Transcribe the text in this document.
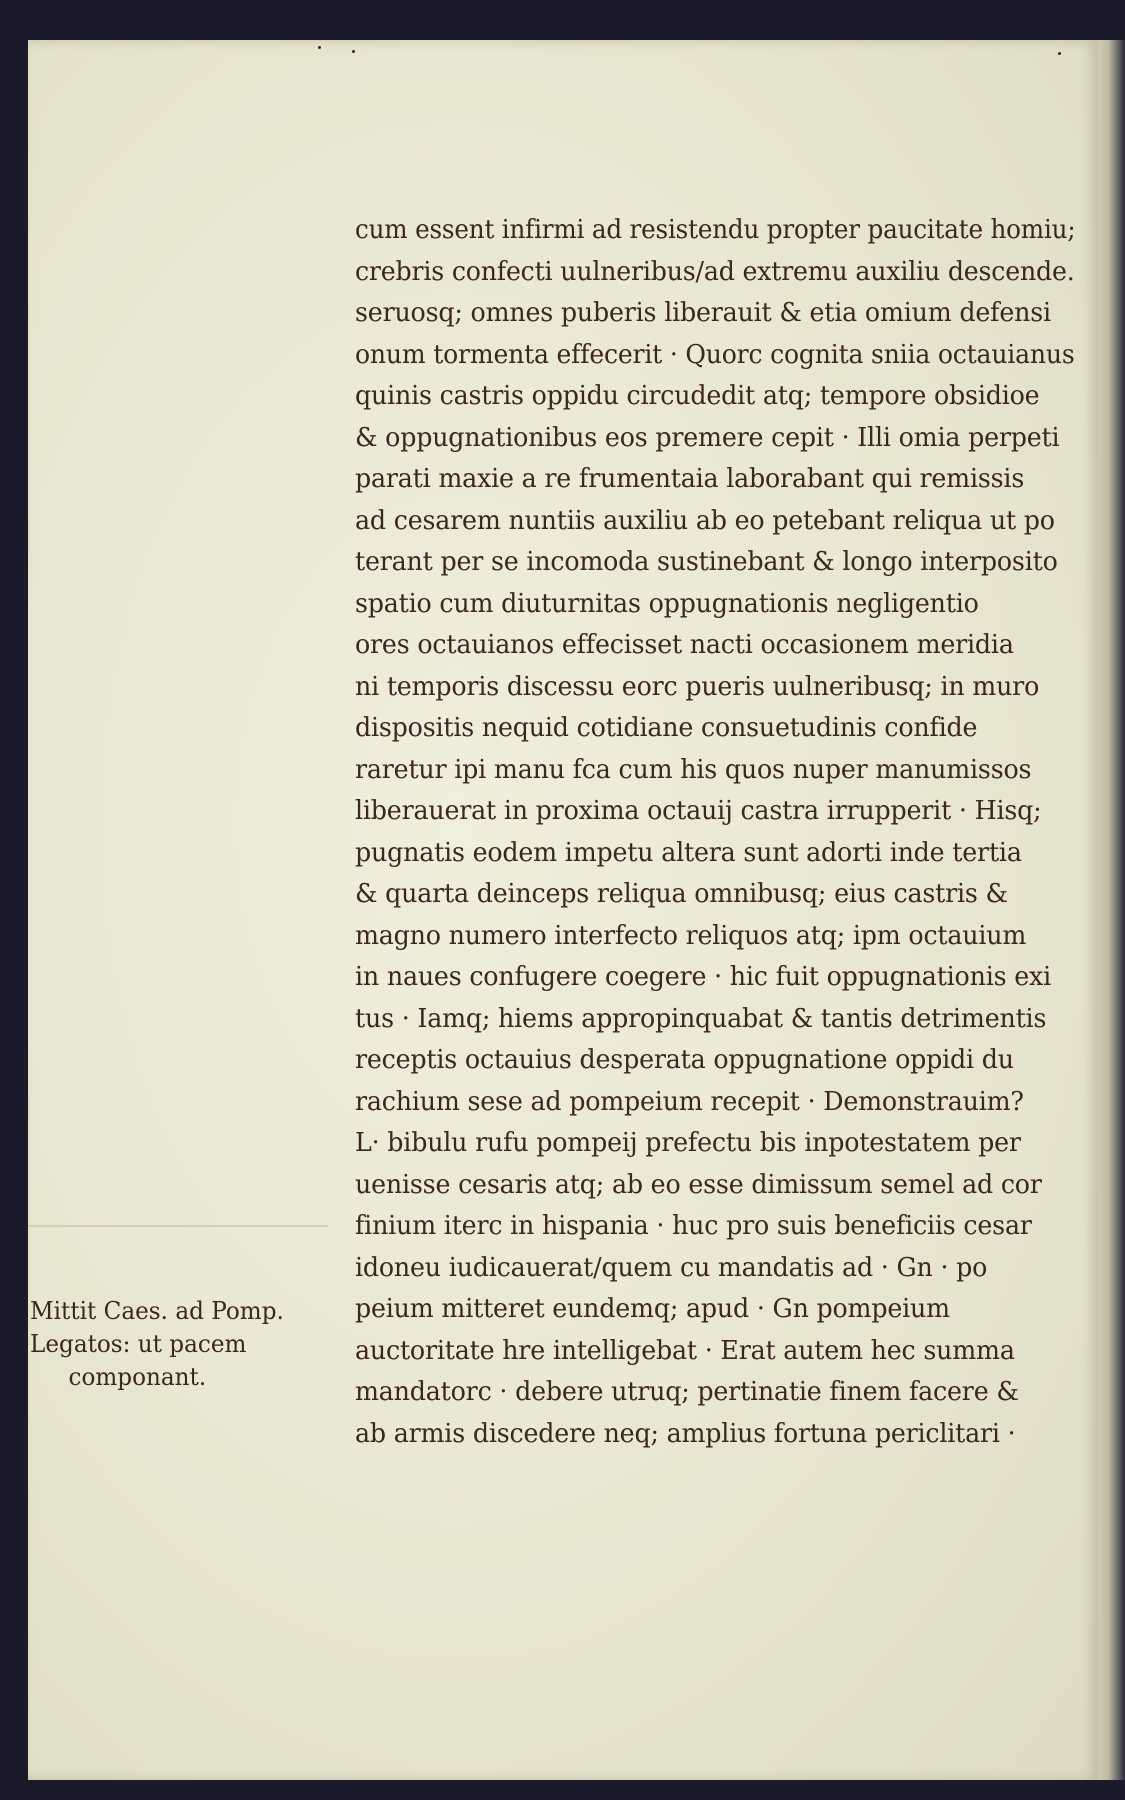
cum essent infirmi ad resistendu propter paucitate homiu;
crebris confecti uulneribus/ad extremu auxiliu descende.
seruosq; omnes puberis liberauit & etia omium defensi
onum tormenta effecerit · Quorc cognita sniia octauianus
quinis castris oppidu circudedit atq; tempore obsidioe
& oppugnationibus eos premere cepit · Illi omia perpeti
parati maxie a re frumentaia laborabant qui remissis
ad cesarem nuntiis auxiliu ab eo petebant reliqua ut po
terant per se incomoda sustinebant & longo interposito
spatio cum diuturnitas oppugnationis negligentio
ores octauianos effecisset nacti occasionem meridia
ni temporis discessu eorc pueris uulneribusq; in muro
dispositis nequid cotidiane consuetudinis confide
raretur ipi manu fca cum his quos nuper manumissos
liberauerat in proxima octauij castra irrupperit · Hisq;
pugnatis eodem impetu altera sunt adorti inde tertia
& quarta deinceps reliqua omnibusq; eius castris &
magno numero interfecto reliquos atq; ipm octauium
in naues confugere coegere · hic fuit oppugnationis exi
tus · Iamq; hiems appropinquabat & tantis detrimentis
receptis octauius desperata oppugnatione oppidi du
rachium sese ad pompeium recepit · Demonstrauim?
L· bibulu rufu pompeij prefectu bis inpotestatem per
uenisse cesaris atq; ab eo esse dimissum semel ad cor
finium iterc in hispania · huc pro suis beneficiis cesar
idoneu iudicauerat/quem cu mandatis ad · Gn · po
peium mitteret eundemq; apud · Gn pompeium
auctoritate hre intelligebat · Erat autem hec summa
mandatorc · debere utruq; pertinatie finem facere &
ab armis discedere neq; amplius fortuna periclitari ·
Mittit Caes. ad Pomp.
Legatos: ut pacem
componant.
